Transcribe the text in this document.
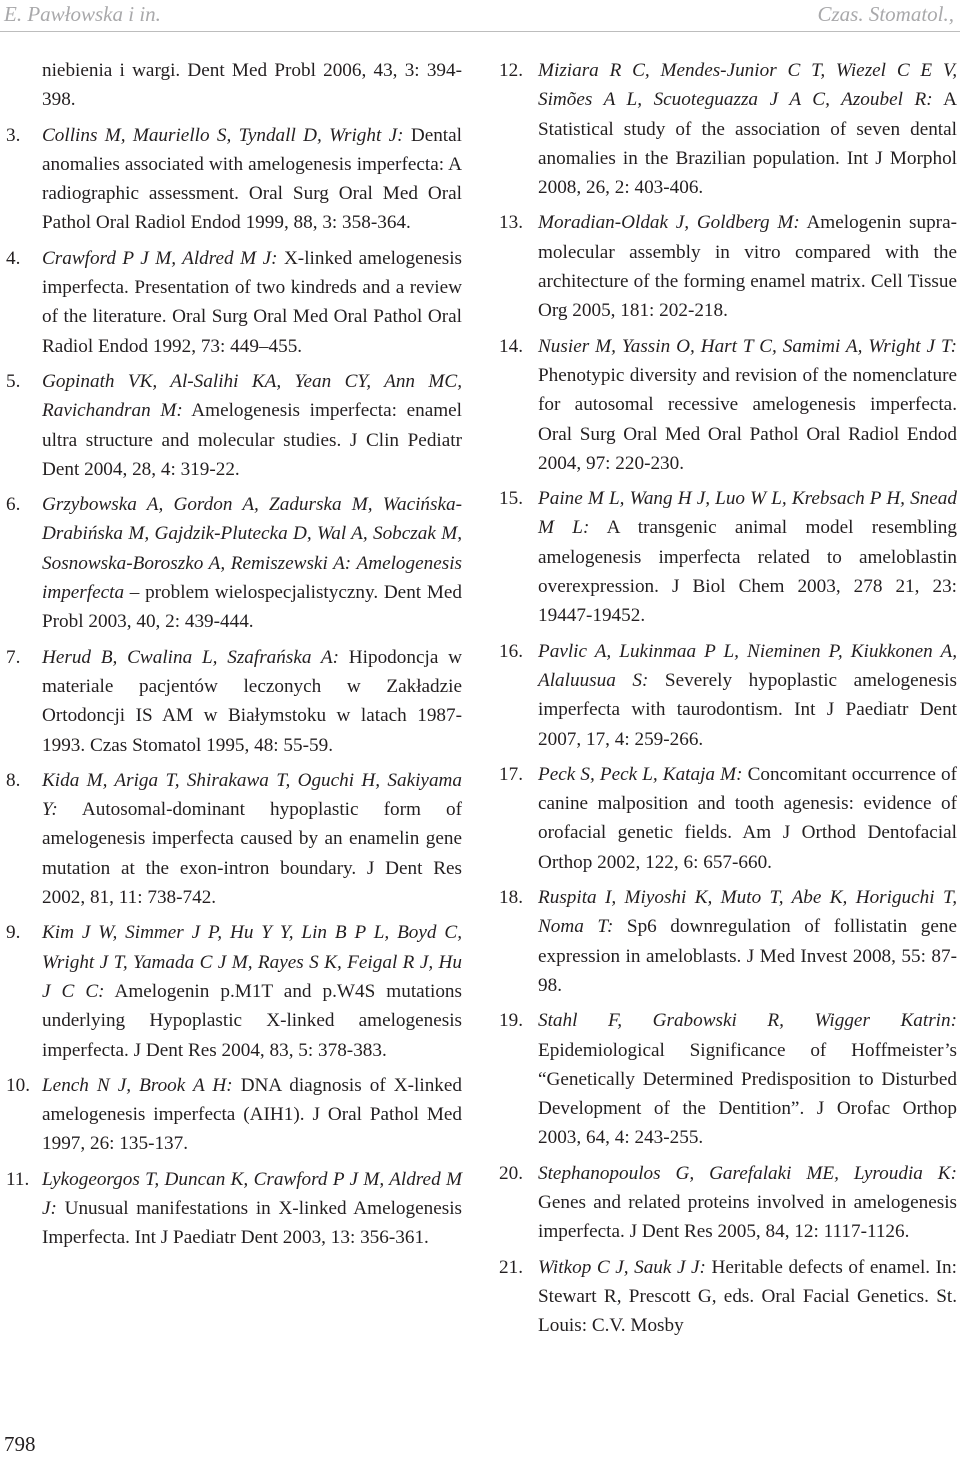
E. Pawłowska i in.	Czas. Stomatol.,

niebienia i wargi. Dent Med Probl 2006, 43, 3: 394-398.

3. Collins M, Mauriello S, Tyndall D, Wright J: Dental anomalies associated with amelogenesis imperfecta: A radiographic assessment. Oral Surg Oral Med Oral Pathol Oral Radiol Endod 1999, 88, 3: 358-364.

4. Crawford P J M, Aldred M J: X-linked amelogenesis imperfecta. Presentation of two kindreds and a review of the literature. Oral Surg Oral Med Oral Pathol Oral Radiol Endod 1992, 73: 449–455.

5. Gopinath VK, Al-Salihi KA, Yean CY, Ann MC, Ravichandran M: Amelogenesis imperfecta: enamel ultra structure and molecular studies. J Clin Pediatr Dent 2004, 28, 4: 319-22.

6. Grzybowska A, Gordon A, Zadurska M, Wacińska-Drabińska M, Gajdzik-Plutecka D, Wal A, Sobczak M, Sosnowska-Boroszko A, Remiszewski A: Amelogenesis imperfecta – problem wielospecjalistyczny. Dent Med Probl 2003, 40, 2: 439-444.

7. Herud B, Cwalina L, Szafrańska A: Hipodoncja w materiale pacjentów leczonych w Zakładzie Ortodoncji IS AM w Białymstoku w latach 1987-1993. Czas Stomatol 1995, 48: 55-59.

8. Kida M, Ariga T, Shirakawa T, Oguchi H, Sakiyama Y: Autosomal-dominant hypoplastic form of amelogenesis imperfecta caused by an enamelin gene mutation at the exon-intron boundary. J Dent Res 2002, 81, 11: 738-742.

9. Kim J W, Simmer J P, Hu Y Y, Lin B P L, Boyd C, Wright J T, Yamada C J M, Rayes S K, Feigal R J, Hu J C C: Amelogenin p.M1T and p.W4S mutations underlying Hypoplastic X-linked amelogenesis imperfecta. J Dent Res 2004, 83, 5: 378-383.

10. Lench N J, Brook A H: DNA diagnosis of X-linked amelogenesis imperfecta (AIH1). J Oral Pathol Med 1997, 26: 135-137.

11. Lykogeorgos T, Duncan K, Crawford P J M, Aldred M J: Unusual manifestations in X-linked Amelogenesis Imperfecta. Int J Paediatr Dent 2003, 13: 356-361.

12. Miziara R C, Mendes-Junior C T, Wiezel C E V, Simões A L, Scuoteguazza J A C, Azoubel R: A Statistical study of the association of seven dental anomalies in the Brazilian population. Int J Morphol 2008, 26, 2: 403-406.

13. Moradian-Oldak J, Goldberg M: Amelogenin supra-molecular assembly in vitro compared with the architecture of the forming enamel matrix. Cell Tissue Org 2005, 181: 202-218.

14. Nusier M, Yassin O, Hart T C, Samimi A, Wright J T: Phenotypic diversity and revision of the nomenclature for autosomal recessive amelogenesis imperfecta. Oral Surg Oral Med Oral Pathol Oral Radiol Endod 2004, 97: 220-230.

15. Paine M L, Wang H J, Luo W L, Krebsach P H, Snead M L: A transgenic animal model resembling amelogenesis imperfecta related to ameloblastin overexpression. J Biol Chem 2003, 278 21, 23: 19447-19452.

16. Pavlic A, Lukinmaa P L, Nieminen P, Kiukkonen A, Alaluusua S: Severely hypoplastic amelogenesis imperfecta with taurodontism. Int J Paediatr Dent 2007, 17, 4: 259-266.

17. Peck S, Peck L, Kataja M: Concomitant occurrence of canine malposition and tooth agenesis: evidence of orofacial genetic fields. Am J Orthod Dentofacial Orthop 2002, 122, 6: 657-660.

18. Ruspita I, Miyoshi K, Muto T, Abe K, Horiguchi T, Noma T: Sp6 downregulation of follistatin gene expression in ameloblasts. J Med Invest 2008, 55: 87-98.

19. Stahl F, Grabowski R, Wigger Katrin: Epidemiological Significance of Hoffmeister’s “Genetically Determined Predisposition to Disturbed Development of the Dentition”. J Orofac Orthop 2003, 64, 4: 243-255.

20. Stephanopoulos G, Garefalaki ME, Lyroudia K: Genes and related proteins involved in amelogenesis imperfecta. J Dent Res 2005, 84, 12: 1117-1126.

21. Witkop C J, Sauk J J: Heritable defects of enamel. In: Stewart R, Prescott G, eds. Oral Facial Genetics. St. Louis: C.V. Mosby

798
